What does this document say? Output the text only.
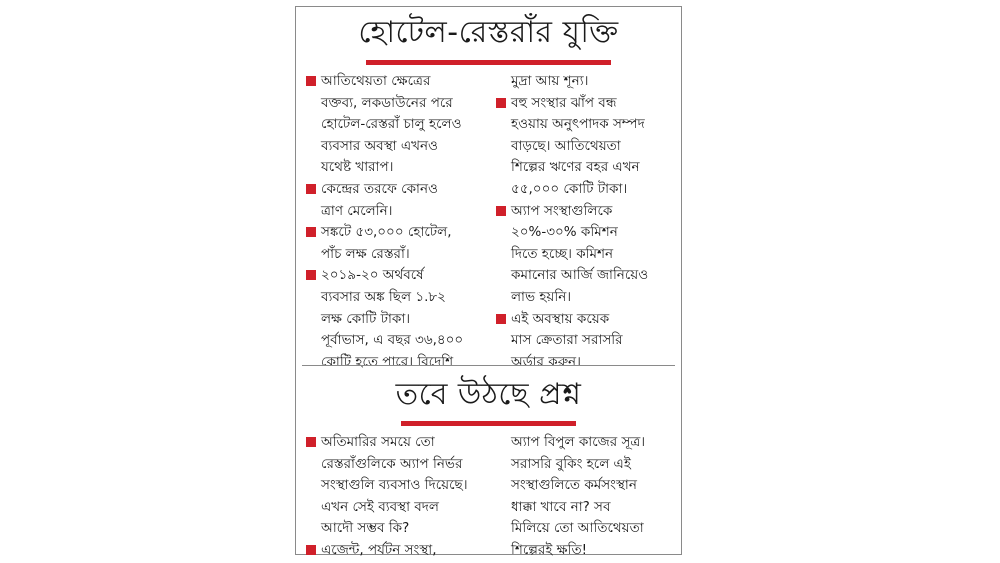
হোটেল-রেস্তরাঁর যুক্তি
আতিথেয়তা ক্ষেত্রের
বক্তব্য, লকডাউনের পরে
হোটেল-রেস্তরাঁ চালু হলেও
ব্যবসার অবস্থা এখনও
যথেষ্ট খারাপ।
কেন্দ্রের তরফে কোনও
ত্রাণ মেলেনি।
সঙ্কটে ৫৩,০০০ হোটেল,
পাঁচ লক্ষ রেস্তরাঁ।
২০১৯-২০ অর্থবর্ষে
ব্যবসার অঙ্ক ছিল ১.৮২
লক্ষ কোটি টাকা।
পূর্বাভাস, এ বছর ৩৬,৪০০
কোটি হতে পারে। বিদেশি
মুদ্রা আয় শূন্য।
বহু সংস্থার ঝাঁপ বন্ধ
হওয়ায় অনুৎপাদক সম্পদ
বাড়ছে। আতিথেয়তা
শিল্পের ঋণের বহর এখন
৫৫,০০০ কোটি টাকা।
অ্যাপ সংস্থাগুলিকে
২০%-৩০% কমিশন
দিতে হচ্ছে। কমিশন
কমানোর আর্জি জানিয়েও
লাভ হয়নি।
এই অবস্থায় কয়েক
মাস ক্রেতারা সরাসরি
অর্ডার করুন।
তবে উঠছে প্রশ্ন
অতিমারির সময়ে তো
রেস্তরাঁগুলিকে অ্যাপ নির্ভর
সংস্থাগুলি ব্যবসাও দিয়েছে।
এখন সেই ব্যবস্থা বদল
আদৌ সম্ভব কি?
এজেন্ট, পর্যটন সংস্থা,
অ্যাপ বিপুল কাজের সূত্র।
সরাসরি বুকিং হলে এই
সংস্থাগুলিতে কর্মসংস্থান
ধাক্কা খাবে না? সব
মিলিয়ে তো আতিথেয়তা
শিল্পেরই ক্ষতি!
